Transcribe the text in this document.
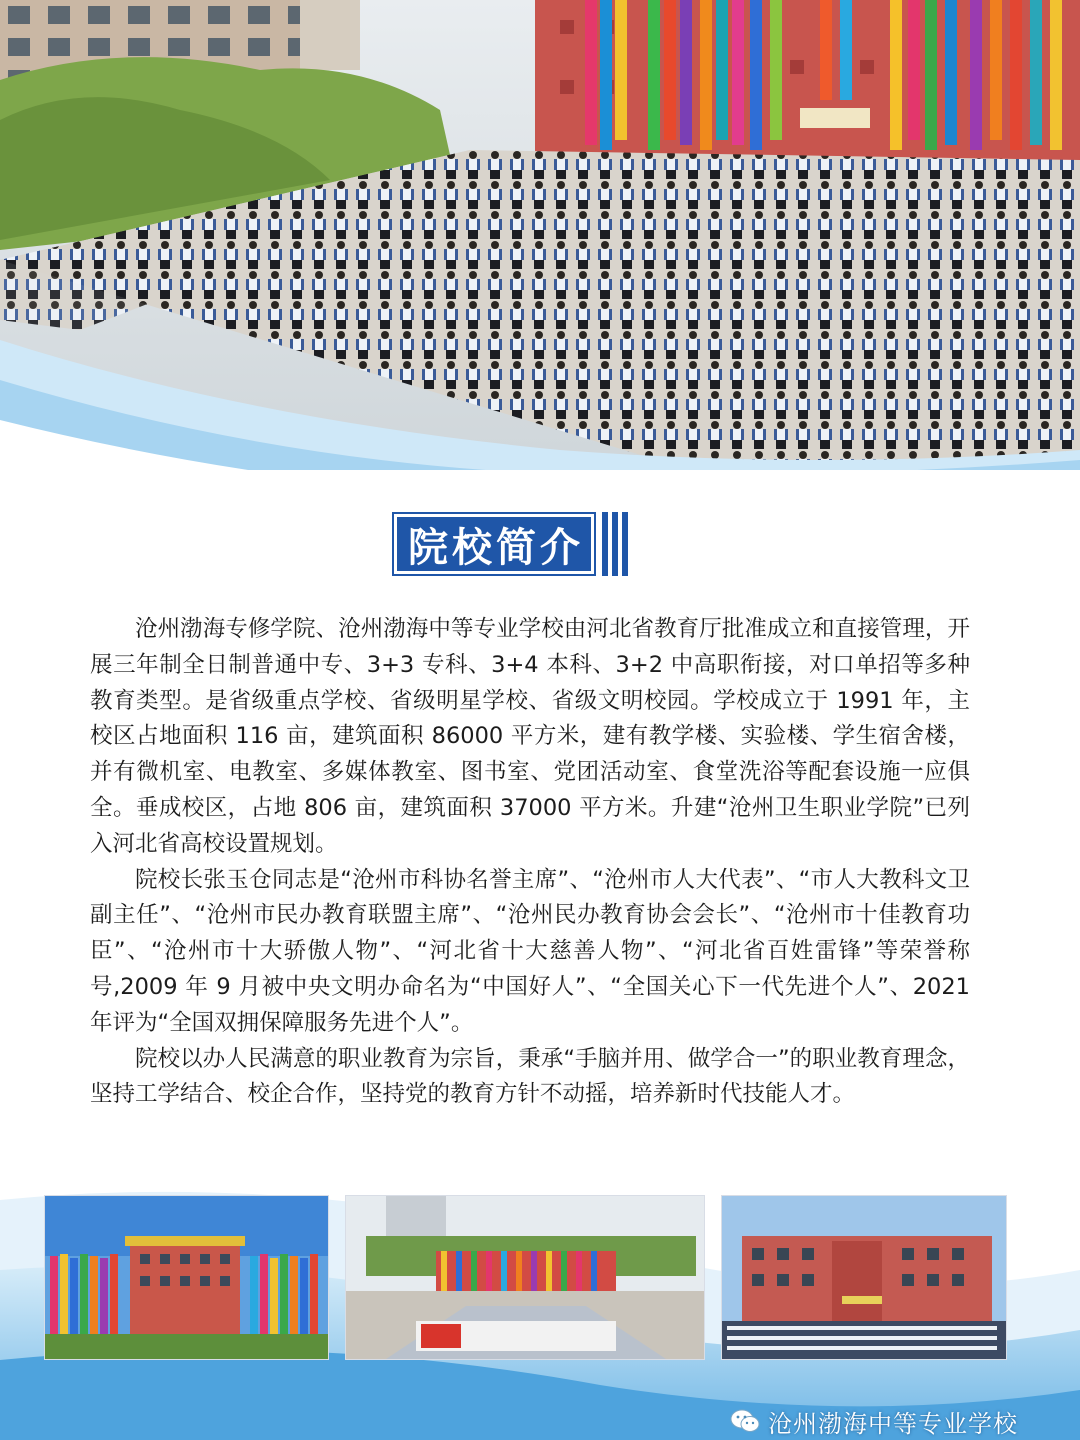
院校简介

沧州渤海专修学院、沧州渤海中等专业学校由河北省教育厅批准成立和直接管理，开展三年制全日制普通中专、3+3 专科、3+4 本科、3+2 中高职衔接，对口单招等多种教育类型。是省级重点学校、省级明星学校、省级文明校园。学校成立于 1991 年，主校区占地面积 116 亩，建筑面积 86000 平方米，建有教学楼、实验楼、学生宿舍楼，并有微机室、电教室、多媒体教室、图书室、党团活动室、食堂洗浴等配套设施一应俱全。垂成校区，占地 806 亩，建筑面积 37000 平方米。升建“沧州卫生职业学院”已列入河北省高校设置规划。

院校长张玉仓同志是“沧州市科协名誉主席”、“沧州市人大代表”、“市人大教科文卫副主任”、“沧州市民办教育联盟主席”、“沧州民办教育协会会长”、“沧州市十佳教育功臣”、“沧州市十大骄傲人物”、“河北省十大慈善人物”、“河北省百姓雷锋”等荣誉称号,2009 年 9 月被中央文明办命名为“中国好人”、“全国关心下一代先进个人”、2021 年评为“全国双拥保障服务先进个人”。

院校以办人民满意的职业教育为宗旨，秉承“手脑并用、做学合一”的职业教育理念，坚持工学结合、校企合作，坚持党的教育方针不动摇，培养新时代技能人才。

沧州渤海中等专业学校
